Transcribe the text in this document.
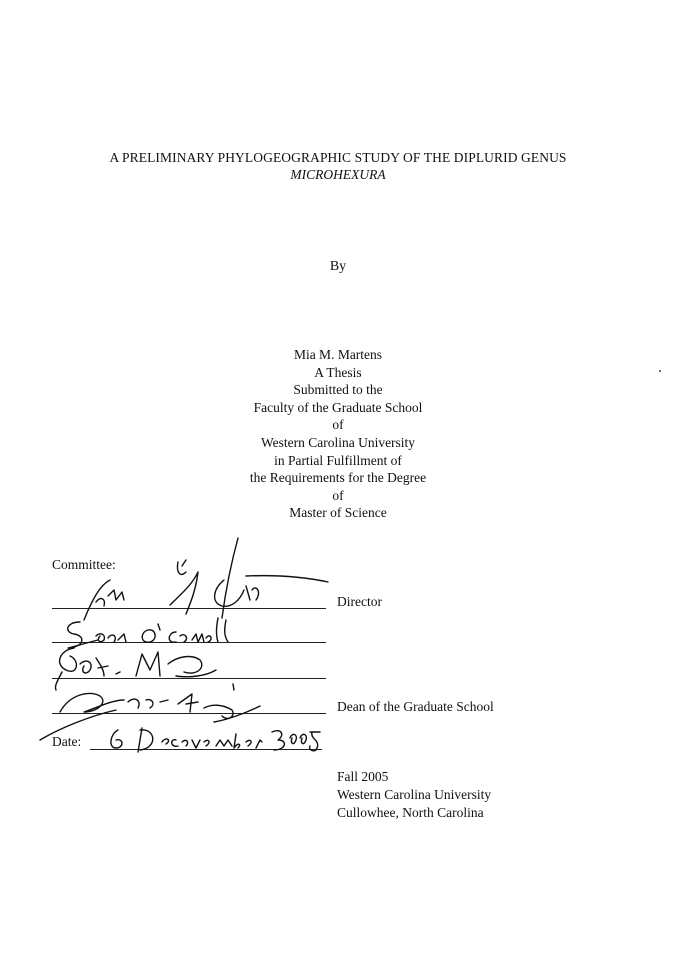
A PRELIMINARY PHYLOGEOGRAPHIC STUDY OF THE DIPLURID GENUS
MICROHEXURA
By
Mia M. Martens
A Thesis
Submitted to the
Faculty of the Graduate School
of
Western Carolina University
in Partial Fulfillment of
the Requirements for the Degree
of
Master of Science
Committee:
Director
Dean of the Graduate School
Date:
Fall 2005
Western Carolina University
Cullowhee, North Carolina
